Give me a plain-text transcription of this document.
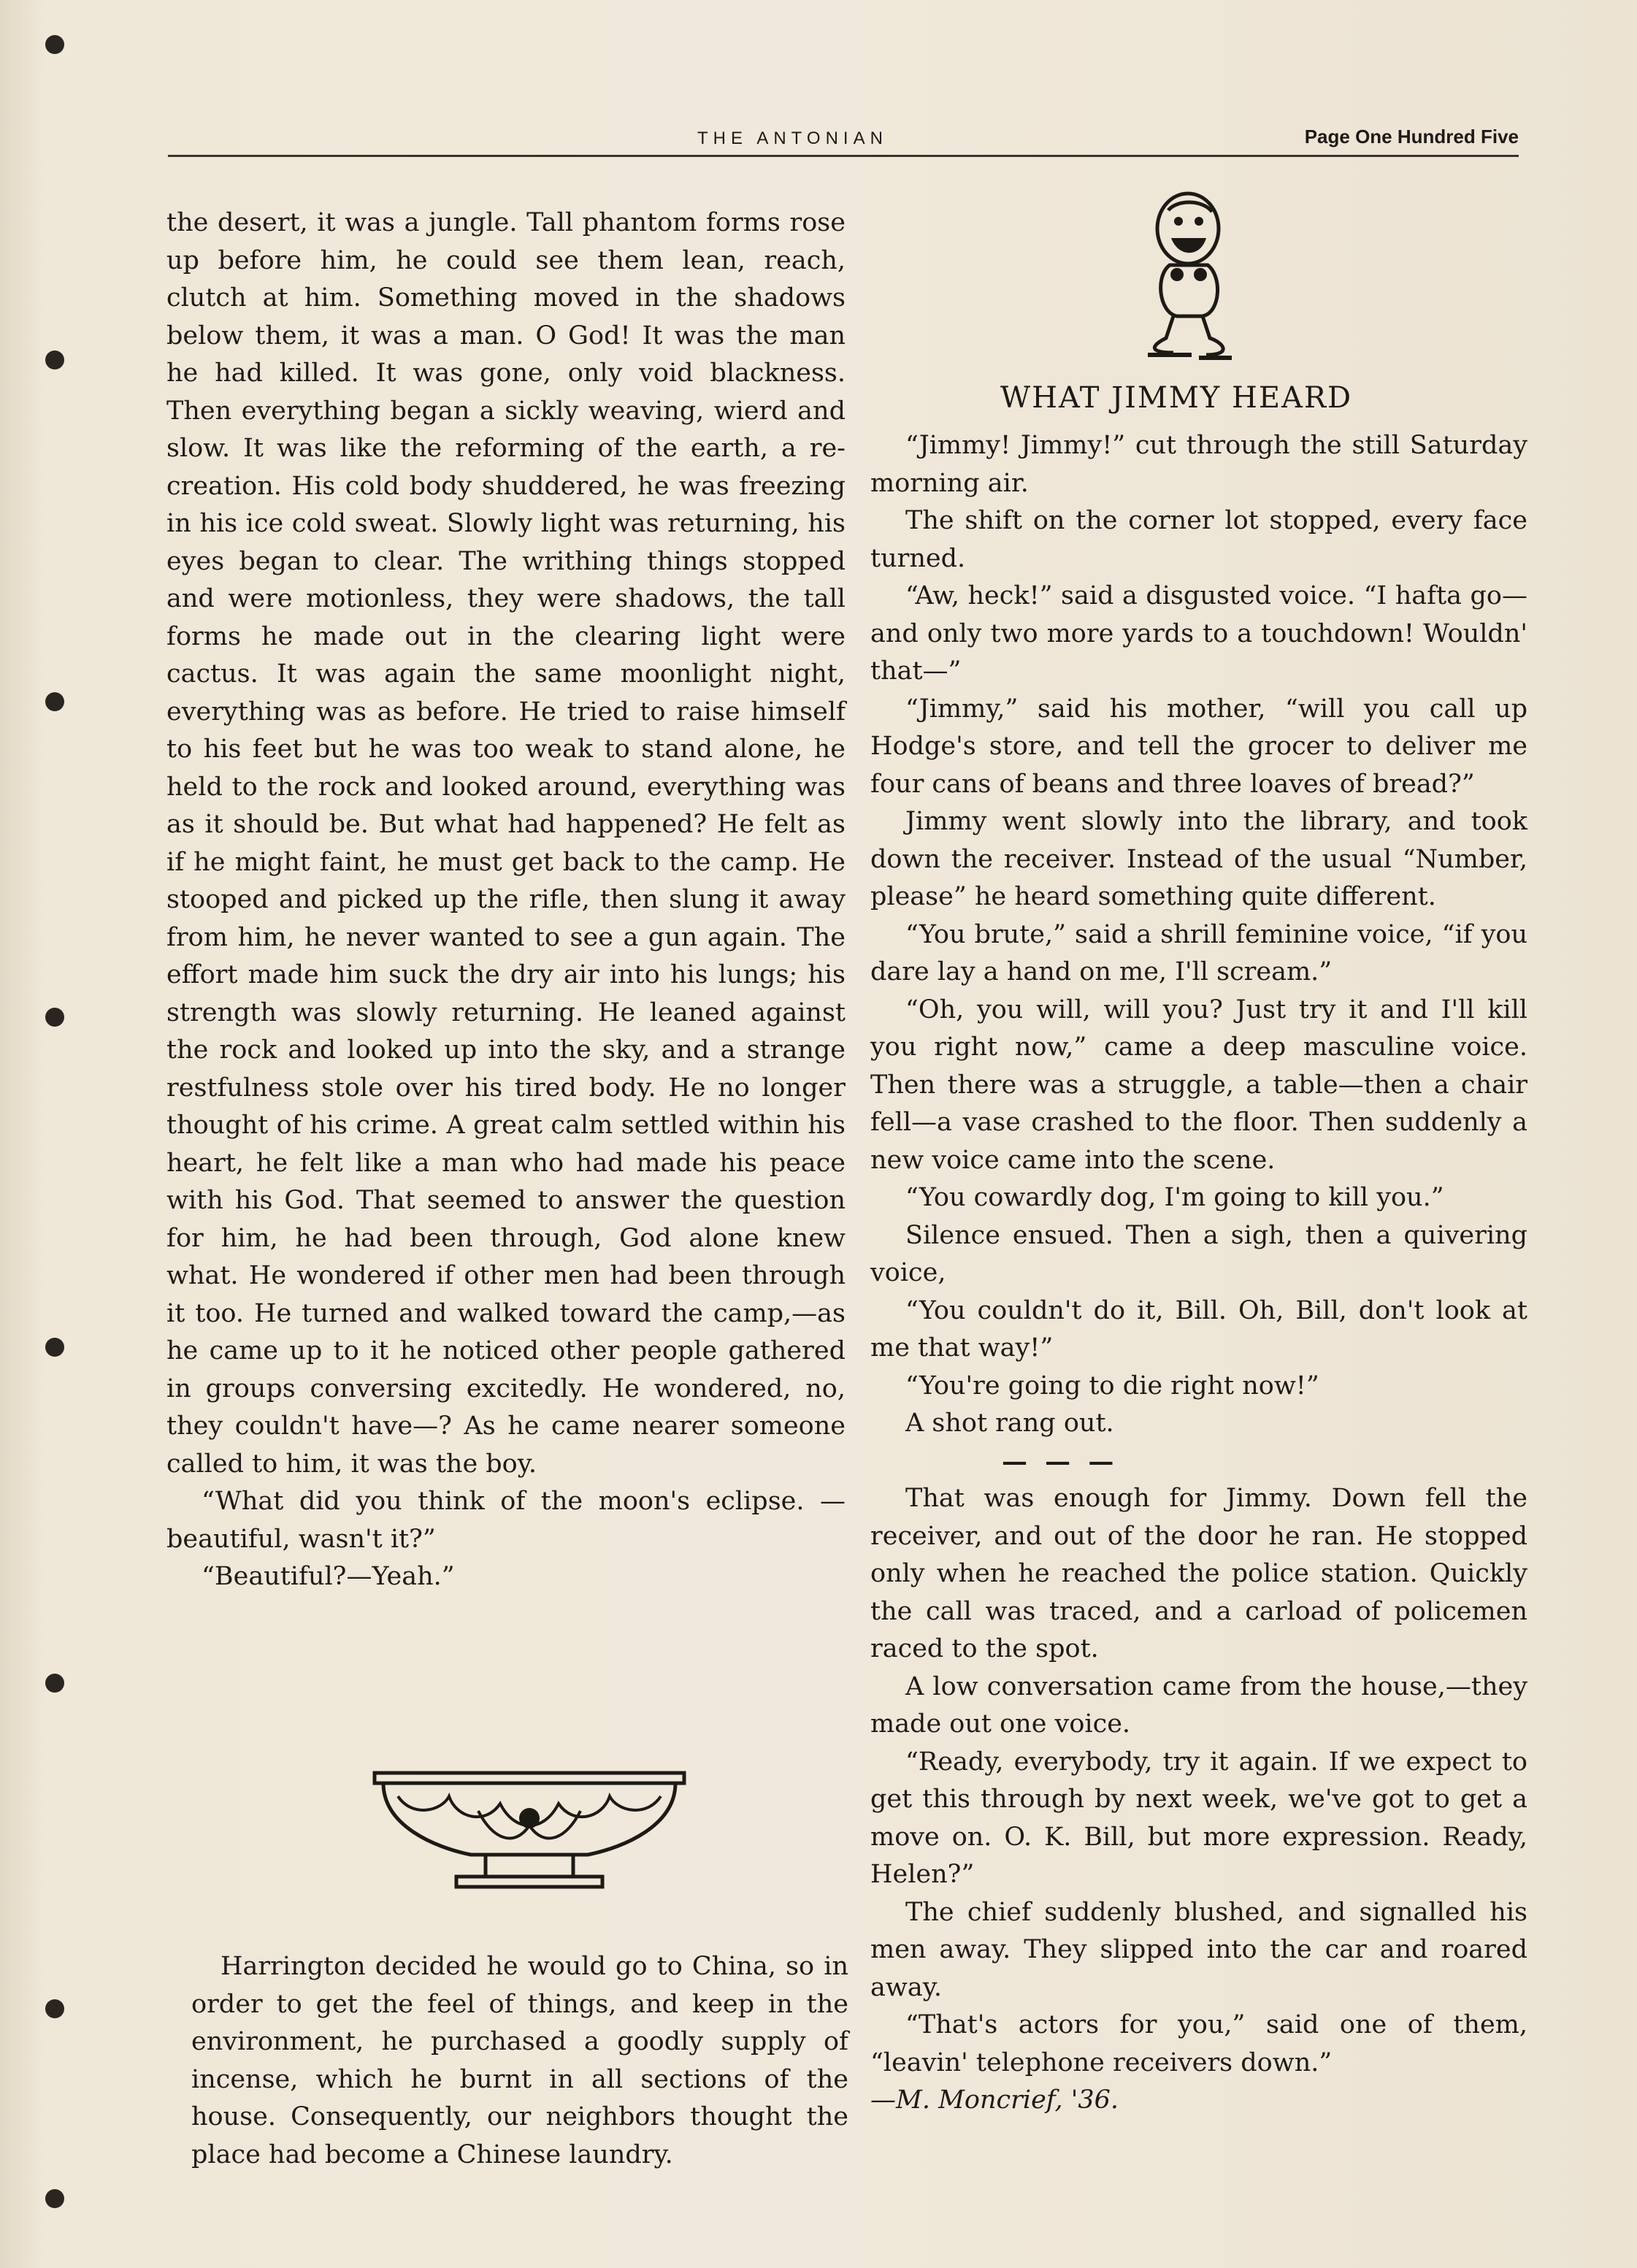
THE ANTONIAN	Page One Hundred Five

the desert, it was a jungle. Tall phantom forms rose up before him, he could see them lean, reach, clutch at him. Something moved in the shadows below them, it was a man. O God! It was the man he had killed. It was gone, only void blackness. Then everything began a sickly weaving, wierd and slow. It was like the reforming of the earth, a re-creation. His cold body shuddered, he was freezing in his ice cold sweat. Slowly light was returning, his eyes began to clear. The writhing things stopped and were motionless, they were shadows, the tall forms he made out in the clearing light were cactus. It was again the same moonlight night, everything was as before. He tried to raise himself to his feet but he was too weak to stand alone, he held to the rock and looked around, everything was as it should be. But what had happened? He felt as if he might faint, he must get back to the camp. He stooped and picked up the rifle, then slung it away from him, he never wanted to see a gun again. The effort made him suck the dry air into his lungs; his strength was slowly returning. He leaned against the rock and looked up into the sky, and a strange restfulness stole over his tired body. He no longer thought of his crime. A great calm settled within his heart, he felt like a man who had made his peace with his God. That seemed to answer the question for him, he had been through, God alone knew what. He wondered if other men had been through it too. He turned and walked toward the camp,—as he came up to it he noticed other people gathered in groups conversing excitedly. He wondered, no, they couldn't have—? As he came nearer someone called to him, it was the boy.

“What did you think of the moon's eclipse. —beautiful, wasn't it?”

“Beautiful?—Yeah.”

Harrington decided he would go to China, so in order to get the feel of things, and keep in the environment, he purchased a goodly supply of incense, which he burnt in all sections of the house. Consequently, our neighbors thought the place had become a Chinese laundry.

WHAT JIMMY HEARD

“Jimmy! Jimmy!” cut through the still Saturday morning air.

The shift on the corner lot stopped, every face turned.

“Aw, heck!” said a disgusted voice. “I hafta go—and only two more yards to a touchdown! Wouldn' that—”

“Jimmy,” said his mother, “will you call up Hodge's store, and tell the grocer to deliver me four cans of beans and three loaves of bread?”

Jimmy went slowly into the library, and took down the receiver. Instead of the usual “Number, please” he heard something quite different.

“You brute,” said a shrill feminine voice, “if you dare lay a hand on me, I'll scream.”

“Oh, you will, will you? Just try it and I'll kill you right now,” came a deep masculine voice. Then there was a struggle, a table—then a chair fell—a vase crashed to the floor. Then suddenly a new voice came into the scene.

“You cowardly dog, I'm going to kill you.”

Silence ensued. Then a sigh, then a quivering voice,

“You couldn't do it, Bill. Oh, Bill, don't look at me that way!”

“You're going to die right now!”

A shot rang out.

— — —

That was enough for Jimmy. Down fell the receiver, and out of the door he ran. He stopped only when he reached the police station. Quickly the call was traced, and a carload of policemen raced to the spot.

A low conversation came from the house,—they made out one voice.

“Ready, everybody, try it again. If we expect to get this through by next week, we've got to get a move on. O. K. Bill, but more expression. Ready, Helen?”

The chief suddenly blushed, and signalled his men away. They slipped into the car and roared away.

“That's actors for you,” said one of them, “leavin' telephone receivers down.”

—M. Moncrief, '36.
